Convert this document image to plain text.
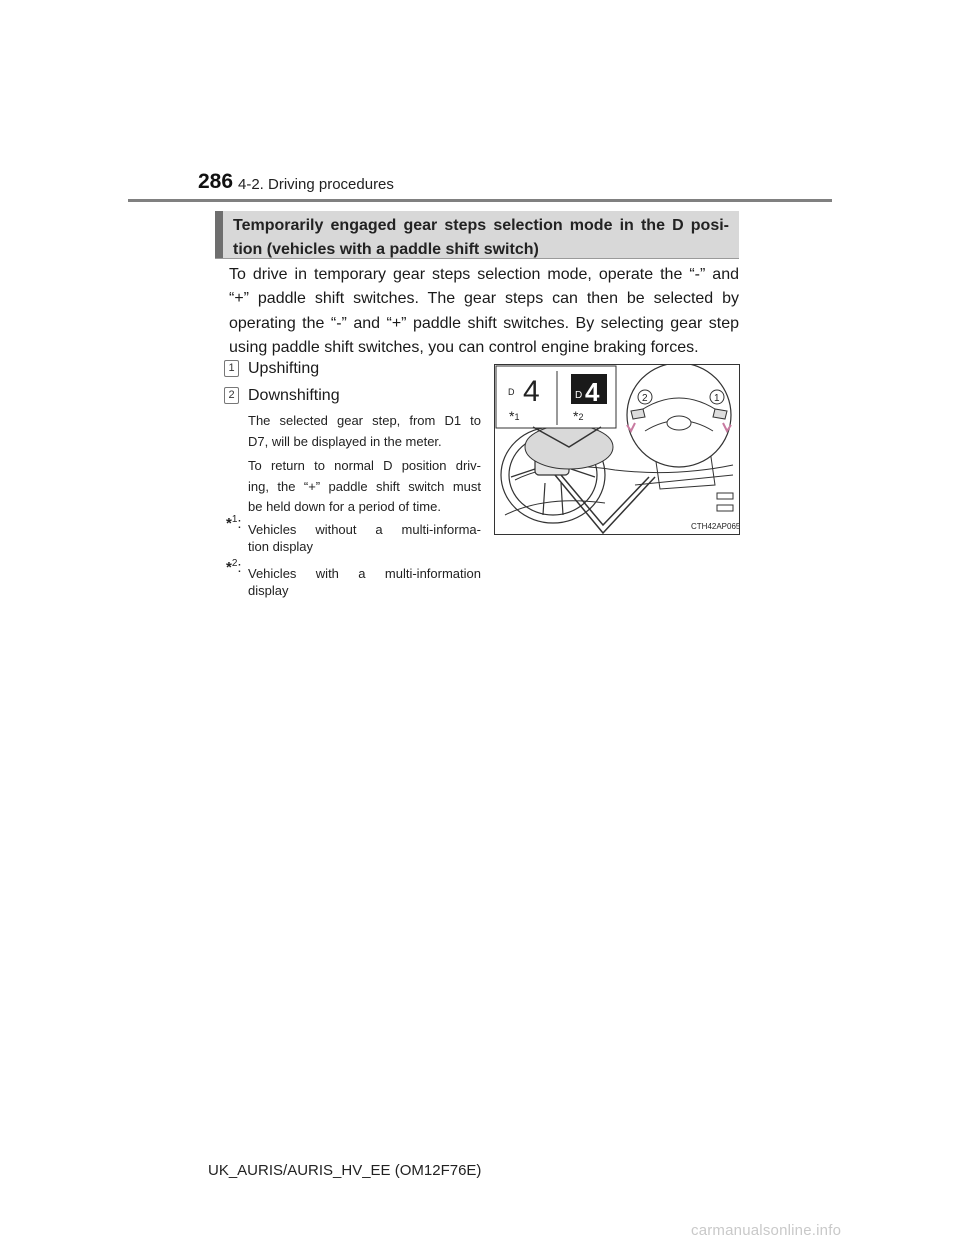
286 4-2. Driving procedures
Temporarily engaged gear steps selection mode in the D posi-
tion (vehicles with a paddle shift switch)
To drive in temporary gear steps selection mode, operate the “-” and
“+” paddle shift switches. The gear steps can then be selected by
operating the “-” and “+” paddle shift switches. By selecting gear step
using paddle shift switches, you can control engine braking forces.
1 Upshifting
2 Downshifting
The selected gear step, from D1 to
D7, will be displayed in the meter.
To return to normal D position driv-
ing, the “+” paddle shift switch must
be held down for a period of time.
*$^1$: Vehicles without a multi-informa-
tion display
*$^2$: Vehicles with a multi-information
display
D 4	D 4
*1	*2
2	1
CTH42AP065
UK_AURIS/AURIS_HV_EE (OM12F76E)
carmanualsonline.info
